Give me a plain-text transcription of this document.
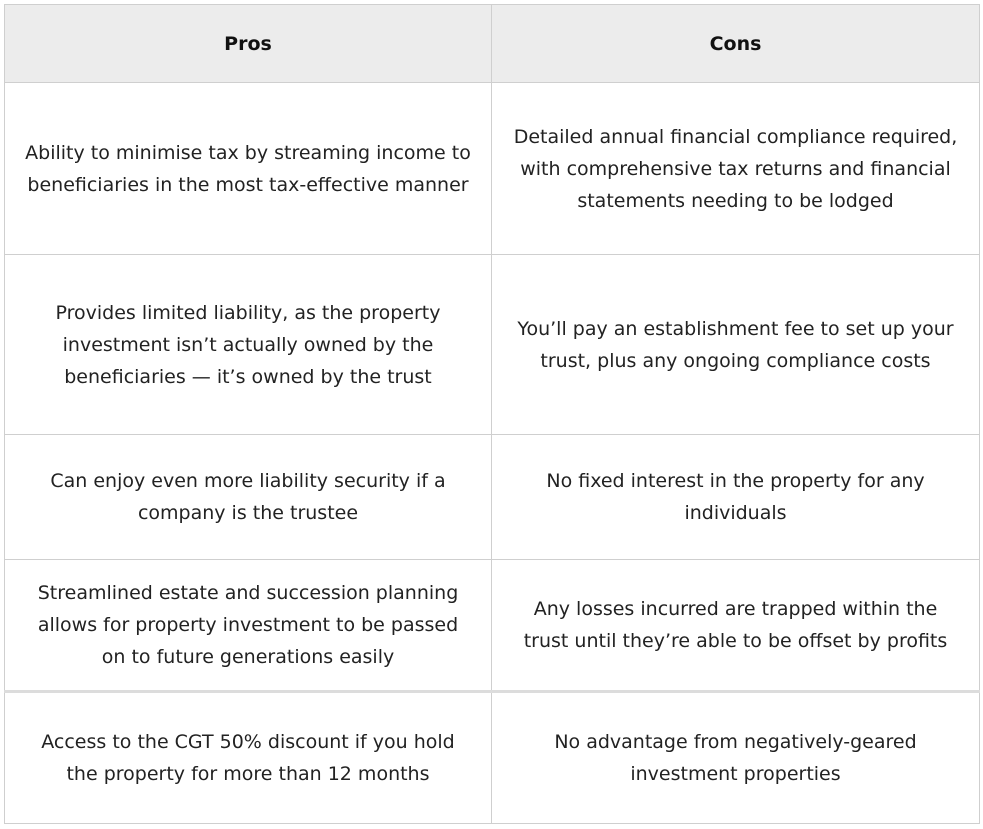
Pros	Cons
Ability to minimise tax by streaming income to beneficiaries in the most tax-effective manner	Detailed annual financial compliance required, with comprehensive tax returns and financial statements needing to be lodged
Provides limited liability, as the property investment isn’t actually owned by the beneficiaries — it’s owned by the trust	You’ll pay an establishment fee to set up your trust, plus any ongoing compliance costs
Can enjoy even more liability security if a company is the trustee	No fixed interest in the property for any individuals
Streamlined estate and succession planning allows for property investment to be passed on to future generations easily	Any losses incurred are trapped within the trust until they’re able to be offset by profits
Access to the CGT 50% discount if you hold the property for more than 12 months	No advantage from negatively-geared investment properties
